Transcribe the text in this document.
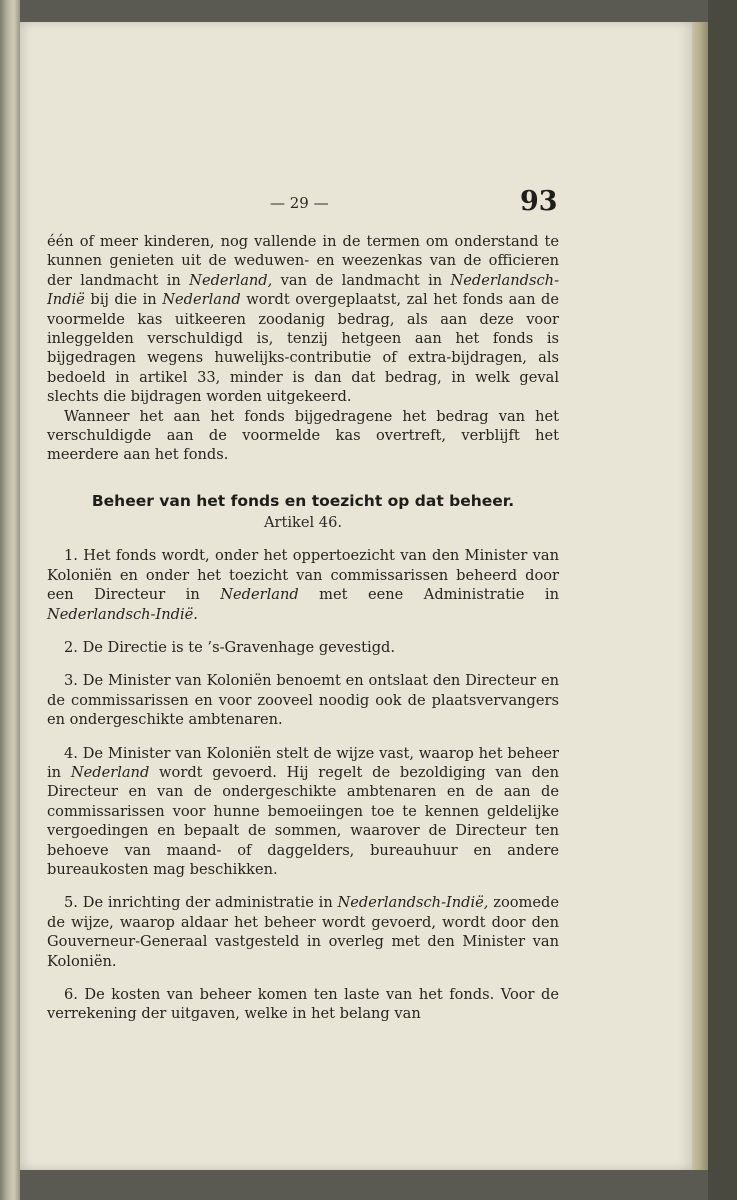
— 29 —	93

één of meer kinderen, nog vallende in de termen om onderstand te kunnen genieten uit de weduwen- en weezenkas van de officieren der landmacht in Nederland, van de landmacht in Nederlandsch-Indië bij die in Nederland wordt overgeplaatst, zal het fonds aan de voormelde kas uitkeeren zoodanig bedrag, als aan deze voor inleggelden verschuldigd is, tenzij hetgeen aan het fonds is bijgedragen wegens huwelijks-contributie of extra-bijdragen, als bedoeld in artikel 33, minder is dan dat bedrag, in welk geval slechts die bijdragen worden uitgekeerd.

Wanneer het aan het fonds bijgedragene het bedrag van het verschuldigde aan de voormelde kas overtreft, verblijft het meerdere aan het fonds.

Beheer van het fonds en toezicht op dat beheer.

Artikel 46.

1. Het fonds wordt, onder het oppertoezicht van den Minister van Koloniën en onder het toezicht van commissarissen beheerd door een Directeur in Nederland met eene Administratie in Nederlandsch-Indië.

2. De Directie is te ’s-Gravenhage gevestigd.

3. De Minister van Koloniën benoemt en ontslaat den Directeur en de commissarissen en voor zooveel noodig ook de plaatsvervangers en ondergeschikte ambtenaren.

4. De Minister van Koloniën stelt de wijze vast, waarop het beheer in Nederland wordt gevoerd. Hij regelt de bezoldiging van den Directeur en van de ondergeschikte ambtenaren en de aan de commissarissen voor hunne bemoeiingen toe te kennen geldelijke vergoedingen en bepaalt de sommen, waarover de Directeur ten behoeve van maand- of daggelders, bureauhuur en andere bureaukosten mag beschikken.

5. De inrichting der administratie in Nederlandsch-Indië, zoomede de wijze, waarop aldaar het beheer wordt gevoerd, wordt door den Gouverneur-Generaal vastgesteld in overleg met den Minister van Koloniën.

6. De kosten van beheer komen ten laste van het fonds. Voor de verrekening der uitgaven, welke in het belang van
